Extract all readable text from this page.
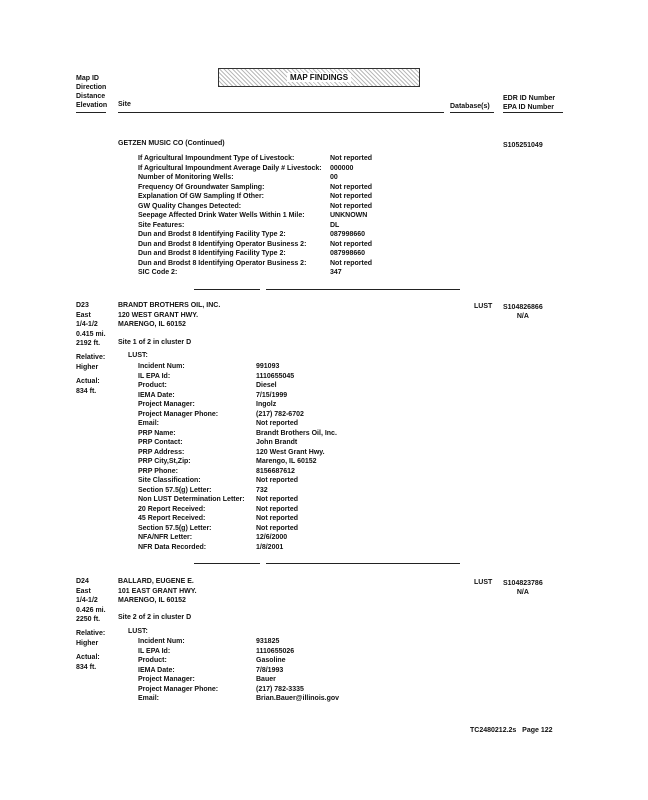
Map ID
Direction
Distance
Elevation Site
MAP FINDINGS
Database(s)
EDR ID Number
EPA ID Number
GETZEN MUSIC CO (Continued)	S105251049
If Agricultural Impoundment Type of Livestock:
If Agricultural Impoundment Average Daily # Livestock:
Number of Monitoring Wells:
Frequency Of Groundwater Sampling:
Explanation Of GW Sampling If Other:
GW Quality Changes Detected:
Seepage Affected Drink Water Wells Within 1 Mile:
Site Features:
Dun and Brodst 8 Identifying Facility Type 2:
Dun and Brodst 8 Identifying Operator Business 2:
Dun and Brodst 8 Identifying Facility Type 2:
Dun and Brodst 8 Identifying Operator Business 2:
SIC Code 2:
Not reported
000000
00
Not reported
Not reported
Not reported
UNKNOWN
DL
087998660
Not reported
087998660
Not reported
347
D23
East
1/4-1/2
0.415 mi.
2192 ft.
BRANDT BROTHERS OIL, INC.
120 WEST GRANT HWY.
MARENGO, IL 60152
Site 1 of 2 in cluster D
LUST S104826866
N/A
Relative:
Higher
Actual:
834 ft.
LUST:
Incident Num:
IL EPA Id:
Product:
IEMA Date:
Project Manager:
Project Manager Phone:
Email:
PRP Name:
PRP Contact:
PRP Address:
PRP City,St,Zip:
PRP Phone:
Site Classification:
Section 57.5(g) Letter:
Non LUST Determination Letter:
20 Report Received:
45 Report Received:
Section 57.5(g) Letter:
NFA/NFR Letter:
NFR Data Recorded:
991093
1110655045
Diesel
7/15/1999
Ingolz
(217) 782-6702
Not reported
Brandt Brothers Oil, Inc.
John Brandt
120 West Grant Hwy.
Marengo, IL 60152
8156687612
Not reported
732
Not reported
Not reported
Not reported
Not reported
12/6/2000
1/8/2001
D24
East
1/4-1/2
0.426 mi.
2250 ft.
BALLARD, EUGENE E.
101 EAST GRANT HWY.
MARENGO, IL 60152
Site 2 of 2 in cluster D
LUST S104823786
N/A
Relative:
Higher
Actual:
834 ft.
LUST:
Incident Num:
IL EPA Id:
Product:
IEMA Date:
Project Manager:
Project Manager Phone:
Email:
931825
1110655026
Gasoline
7/8/1993
Bauer
(217) 782-3335
Brian.Bauer@illinois.gov
TC2480212.2s Page 122
